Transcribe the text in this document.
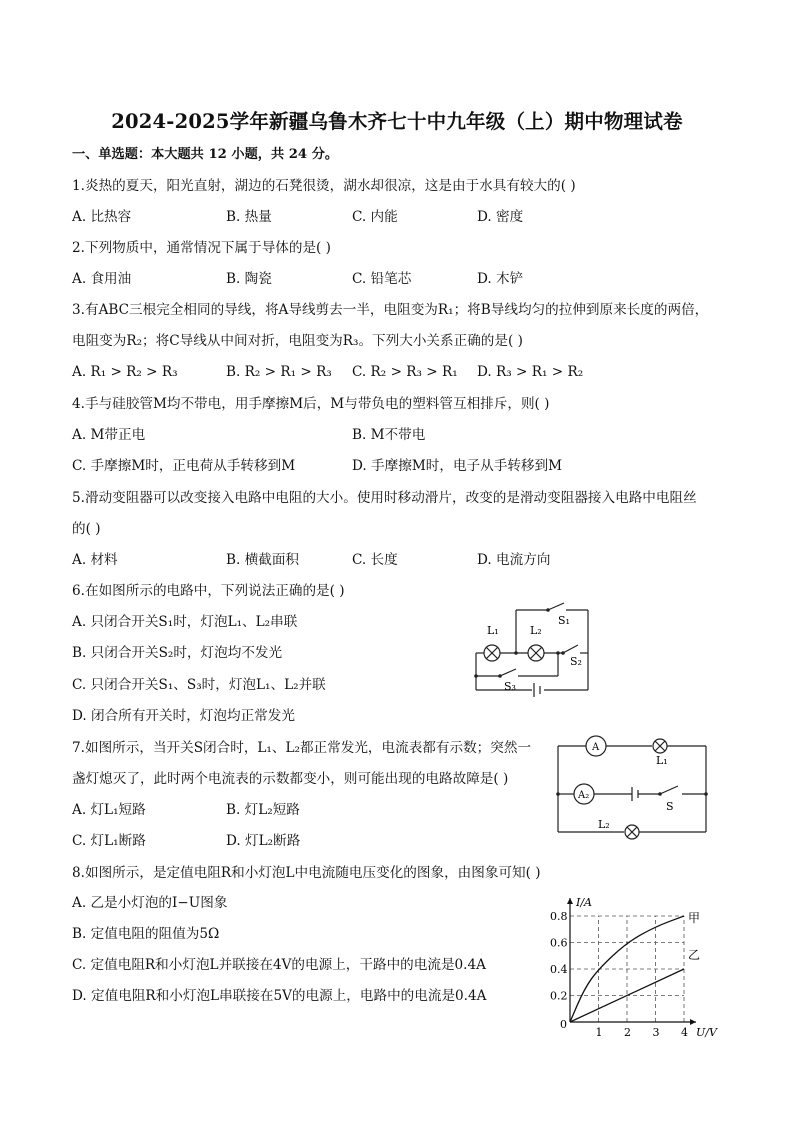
2024-2025学年新疆乌鲁木齐七十中九年级（上）期中物理试卷
一、单选题：本大题共 12 小题，共 24 分。
1.炎热的夏天，阳光直射，湖边的石凳很烫，湖水却很凉，这是由于水具有较大的( )
A. 比热容	B. 热量	C. 内能	D. 密度
2.下列物质中，通常情况下属于导体的是( )
A. 食用油	B. 陶瓷	C. 铅笔芯	D. 木铲
3.有ABC三根完全相同的导线，将A导线剪去一半，电阻变为R₁；将B导线均匀的拉伸到原来长度的两倍，
电阻变为R₂；将C导线从中间对折，电阻变为R₃。下列大小关系正确的是( )
A. R₁ > R₂ > R₃	B. R₂ > R₁ > R₃ C. R₂ > R₃ > R₁ D. R₃ > R₁ > R₂
4.手与硅胶管M均不带电，用手摩擦M后，M与带负电的塑料管互相排斥，则( )
A. M带正电	B. M不带电
C. 手摩擦M时，正电荷从手转移到M	D. 手摩擦M时，电子从手转移到M
5.滑动变阻器可以改变接入电路中电阻的大小。使用时移动滑片，改变的是滑动变阻器接入电路中电阻丝
的( )
A. 材料	B. 横截面积	C. 长度	D. 电流方向
6.在如图所示的电路中，下列说法正确的是( )
A. 只闭合开关S₁时，灯泡L₁、L₂串联
B. 只闭合开关S₂时，灯泡均不发光
C. 只闭合开关S₁、S₃时，灯泡L₁、L₂并联
D. 闭合所有开关时，灯泡均正常发光
L₁	L₂
S₁
S₂
S₃
7.如图所示，当开关S闭合时，L₁、L₂都正常发光，电流表都有示数；突然一
盏灯熄灭了，此时两个电流表的示数都变小，则可能出现的电路故障是( )
A. 灯L₁短路	B. 灯L₂短路
C. 灯L₁断路	D. 灯L₂断路
A
A₂
L₁
L₂
S
8.如图所示，是定值电阻R和小灯泡L中电流随电压变化的图象，由图象可知( )
A. 乙是小灯泡的I−U图象
B. 定值电阻的阻值为5Ω
C. 定值电阻R和小灯泡L并联接在4V的电源上，干路中的电流是0.4A
D. 定值电阻R和小灯泡L串联接在5V的电源上，电路中的电流是0.4A
1 2 3 4
0.2
0.4
0.6
0.8
0
I/A
U/V
甲
乙
